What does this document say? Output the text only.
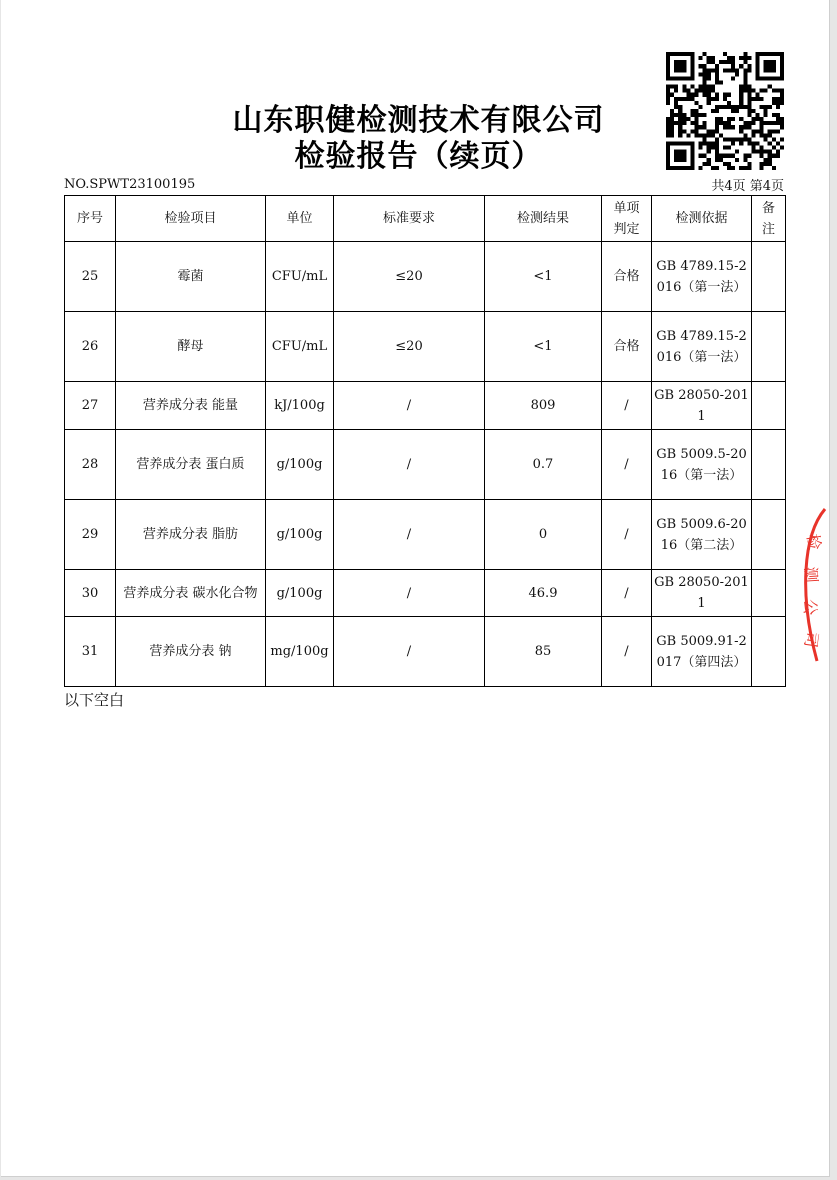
山东职健检测技术有限公司
检验报告（续页）
NO.SPWT23100195	共4页 第4页
序号	检验项目	单位	标准要求	检测结果	单项判定	检测依据	备注
25	霉菌	CFU/mL	≤20	<1	合格	GB 4789.15-2016（第一法）	
26	酵母	CFU/mL	≤20	<1	合格	GB 4789.15-2016（第一法）	
27	营养成分表 能量	kJ/100g	/	809	/	GB 28050-2011	
28	营养成分表 蛋白质	g/100g	/	0.7	/	GB 5009.5-2016（第一法）	
29	营养成分表 脂肪	g/100g	/	0	/	GB 5009.6-2016（第二法）	
30	营养成分表 碳水化合物	g/100g	/	46.9	/	GB 28050-2011	
31	营养成分表 钠	mg/100g	/	85	/	GB 5009.91-2017（第四法）	
以下空白
检
测
公
司
